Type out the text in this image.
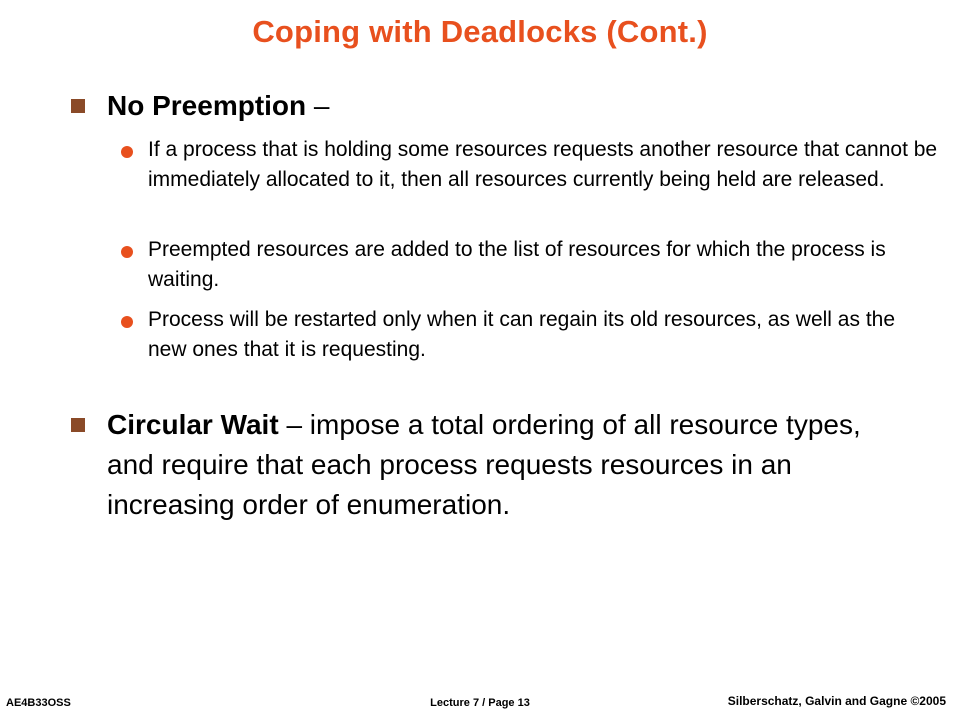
Coping with Deadlocks (Cont.)
No Preemption –
If a process that is holding some resources requests another resource that cannot be immediately allocated to it, then all resources currently being held are released.
Preempted resources are added to the list of resources for which the process is waiting.
Process will be restarted only when it can regain its old resources, as well as the new ones that it is requesting.
Circular Wait – impose a total ordering of all resource types, and require that each process requests resources in an increasing order of enumeration.
AE4B33OSS	Lecture 7 / Page 13	Silberschatz, Galvin and Gagne ©2005
